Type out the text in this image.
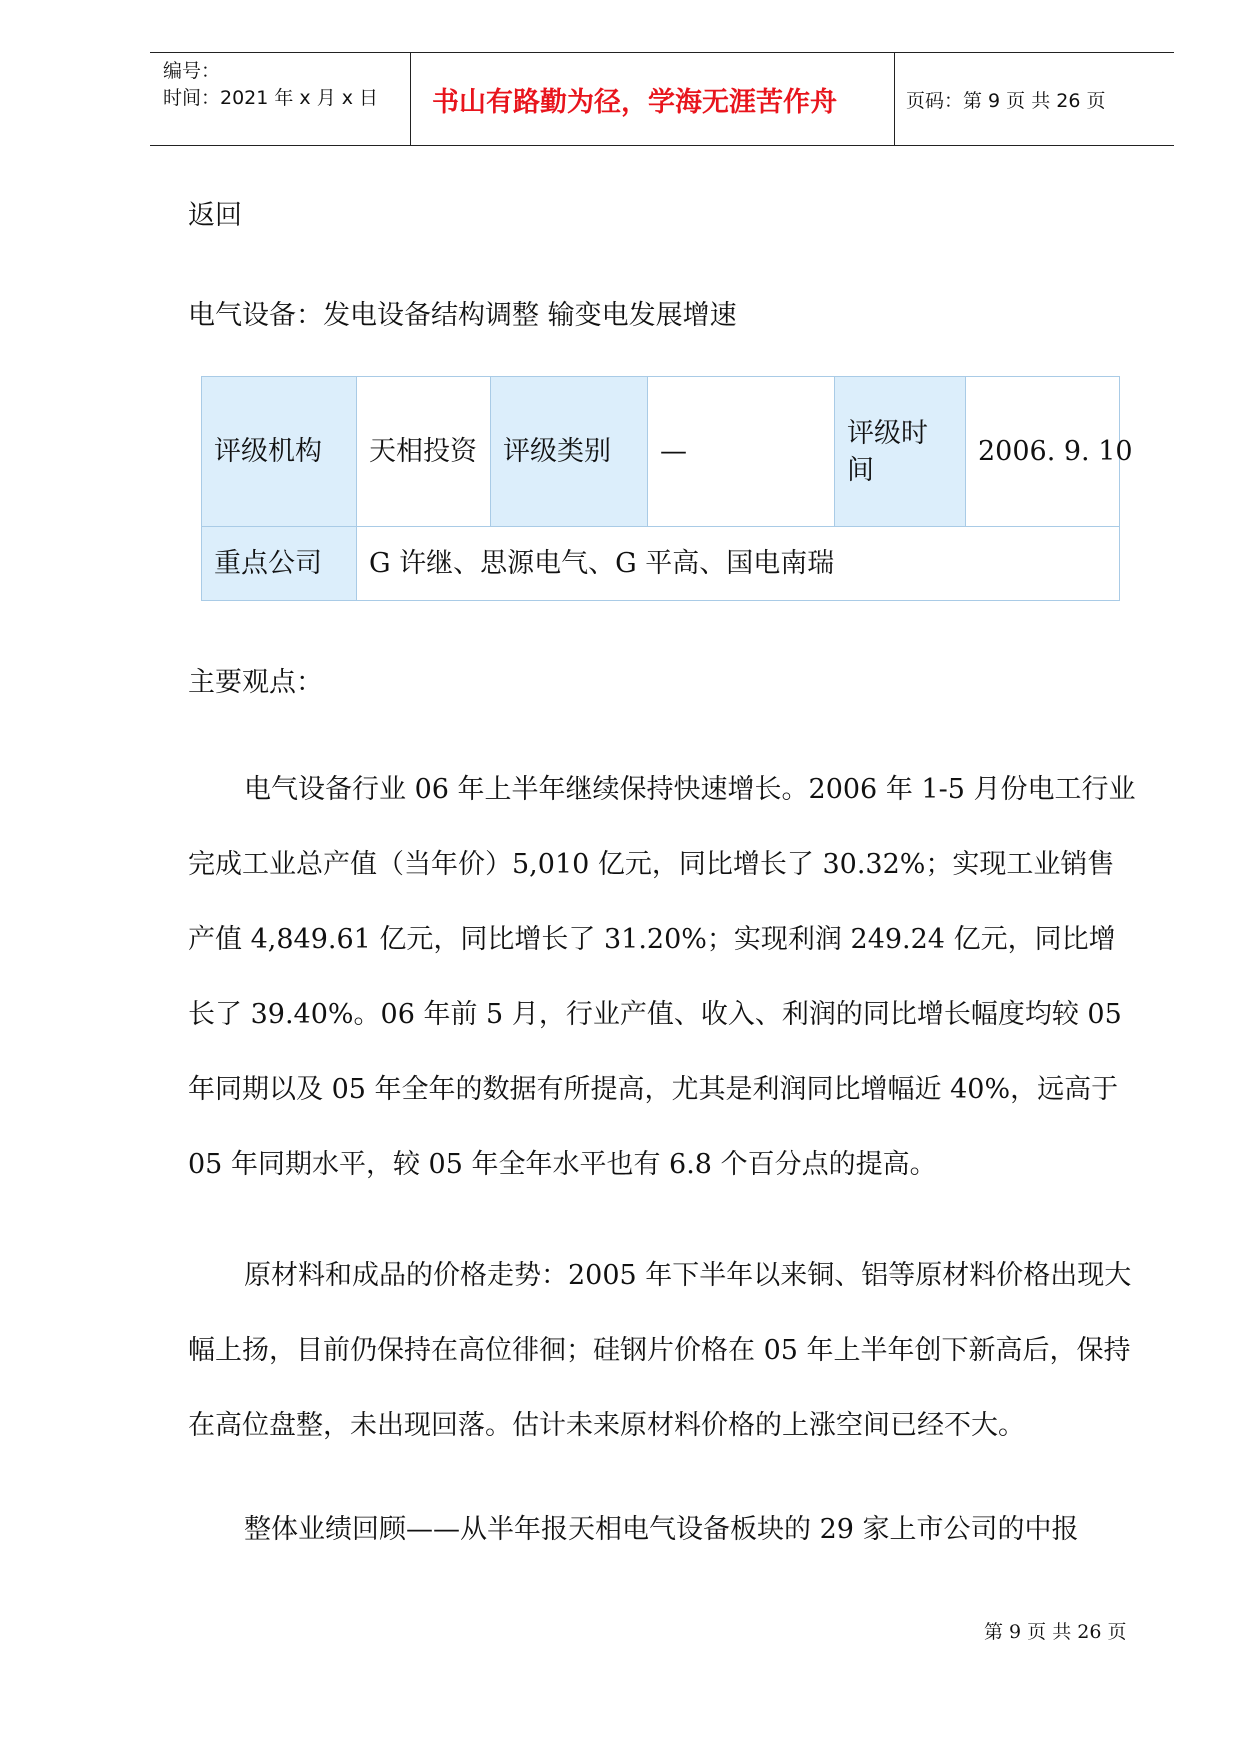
编号：
时间：2021 年 x 月 x 日 书山有路勤为径，学海无涯苦作舟	页码：第 9 页 共 26 页
返回
电气设备：发电设备结构调整 输变电发展增速
评级机构	天相投资	评级类别	—	评级时间	2006. 9. 10
重点公司	G 许继、思源电气、G 平高、国电南瑞				
主要观点：
电气设备行业 06 年上半年继续保持快速增长。2006 年 1-5 月份电工行业完成工业总产值（当年价）5,010 亿元，同比增长了 30.32%；实现工业销售产值 4,849.61 亿元，同比增长了 31.20%；实现利润 249.24 亿元，同比增长了 39.40%。06 年前 5 月，行业产值、收入、利润的同比增长幅度均较 05 年同期以及 05 年全年的数据有所提高，尤其是利润同比增幅近 40%，远高于 05 年同期水平，较 05 年全年水平也有 6.8 个百分点的提高。
原材料和成品的价格走势：2005 年下半年以来铜、铝等原材料价格出现大幅上扬，目前仍保持在高位徘徊；硅钢片价格在 05 年上半年创下新高后，保持在高位盘整，未出现回落。估计未来原材料价格的上涨空间已经不大。
整体业绩回顾——从半年报天相电气设备板块的 29 家上市公司的中报
第 9 页 共 26 页
